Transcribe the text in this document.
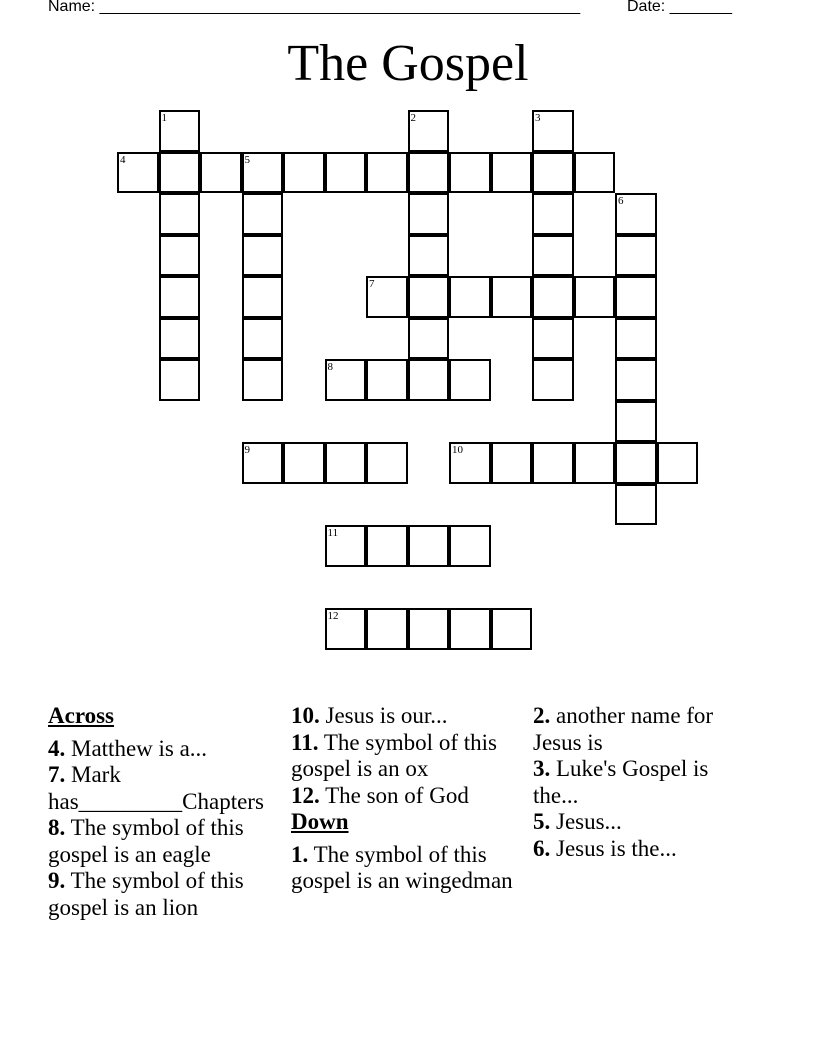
Name: ______________________________________________________	Date: _______
The Gospel
1	2	3
4	5
6
7
8
9	10
11
12
Across
4. Matthew is a...
7. Mark

has_________Chapters
8. The symbol of this gospel is an eagle
9. The symbol of this gospel is an lion
10. Jesus is our...
11. The symbol of this gospel is an ox
12. The son of God
Down
1. The symbol of this gospel is an wingedman
2. another name for Jesus is
3. Luke's Gospel is the...
5. Jesus...
6. Jesus is the...
